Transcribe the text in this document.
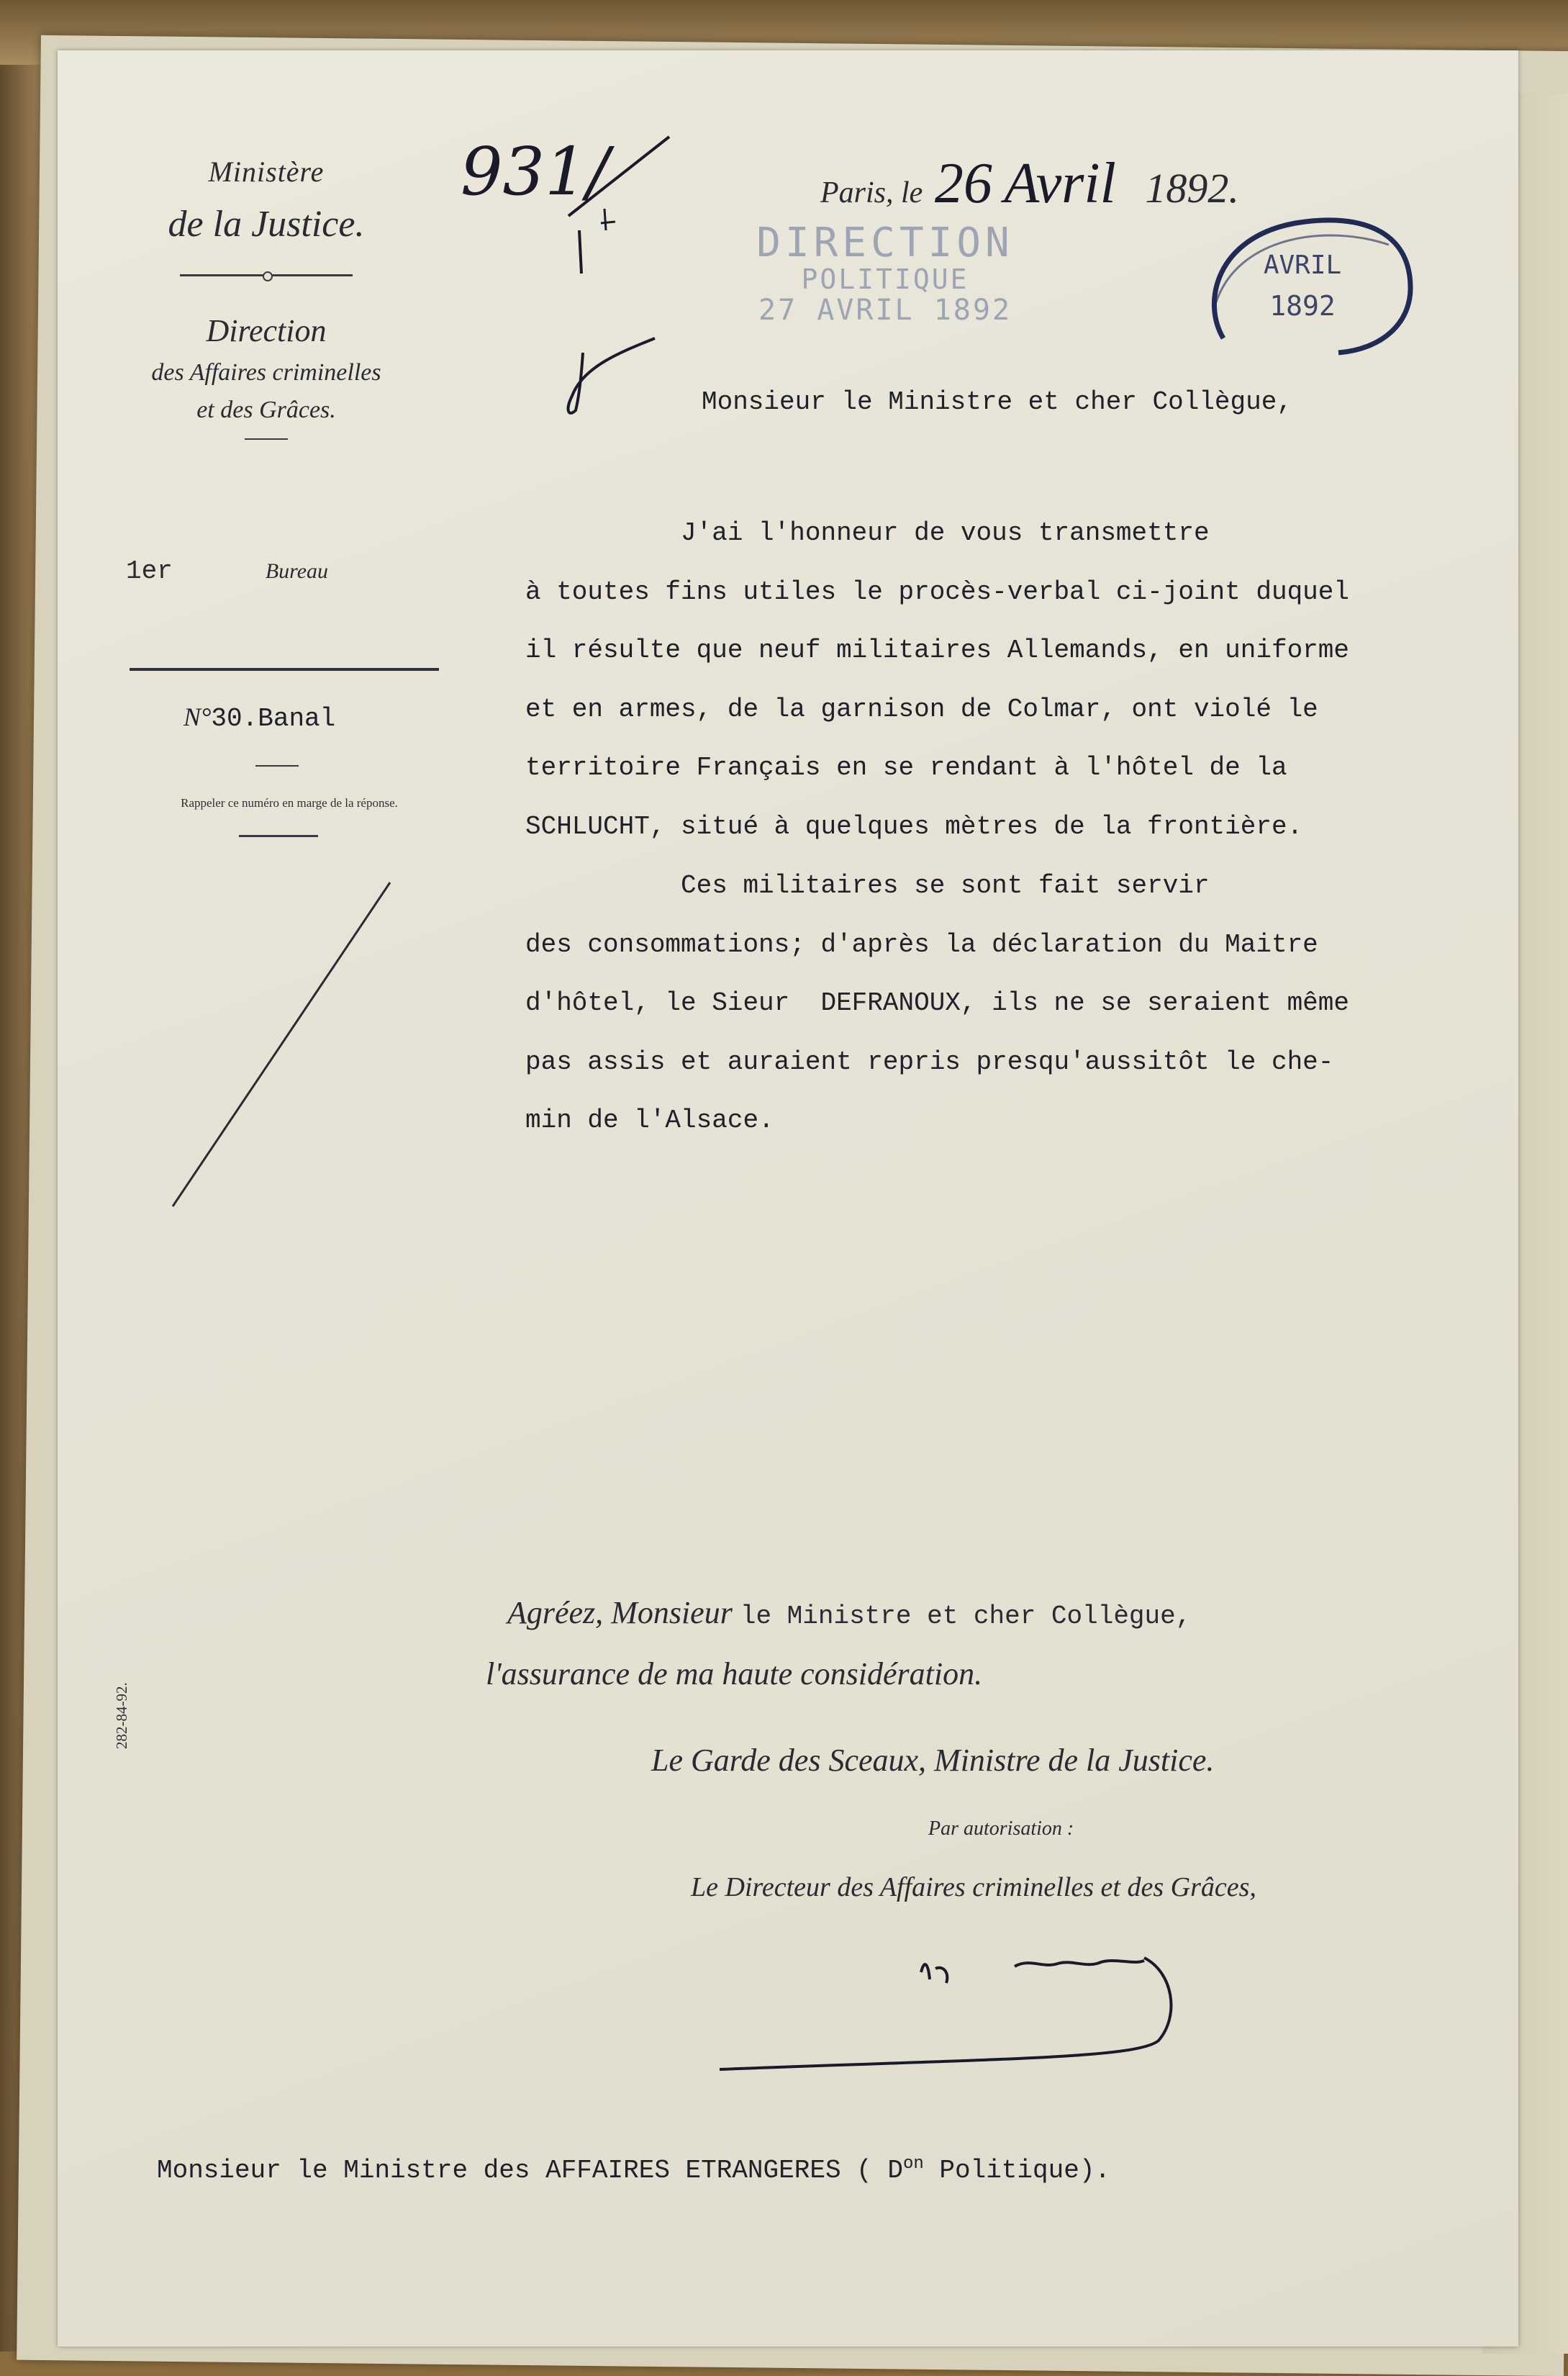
Ministère
de la Justice.
Direction
des Affaires criminelles
et des Grâces.
1er	Bureau
N°30.Banal
Rappeler ce numéro en marge de la réponse.
282-84-92.
931/	Paris, le 26 Avril 1892.
DIRECTION
POLITIQUE
27 AVRIL 1892
AVRIL
1892
Monsieur le Ministre et cher Collègue,

J'ai l'honneur de vous transmettre

à toutes fins utiles le procès-verbal ci-joint duquel

il résulte que neuf militaires Allemands, en uniforme

et en armes, de la garnison de Colmar, ont violé le

territoire Français en se rendant à l'hôtel de la

SCHLUCHT, situé à quelques mètres de la frontière.

Ces militaires se sont fait servir

des consommations; d'après la déclaration du Maitre

d'hôtel, le Sieur  DEFRANOUX, ils ne se seraient même

pas assis et auraient repris presqu'aussitôt le che-

min de l'Alsace.

Agréez, Monsieur le Ministre et cher Collègue,
l'assurance de ma haute considération.
Le Garde des Sceaux, Ministre de la Justice.
Par autorisation :
Le Directeur des Affaires criminelles et des Grâces,
Monsieur le Ministre des AFFAIRES ETRANGERES ( $D^{on}$ Politique).
